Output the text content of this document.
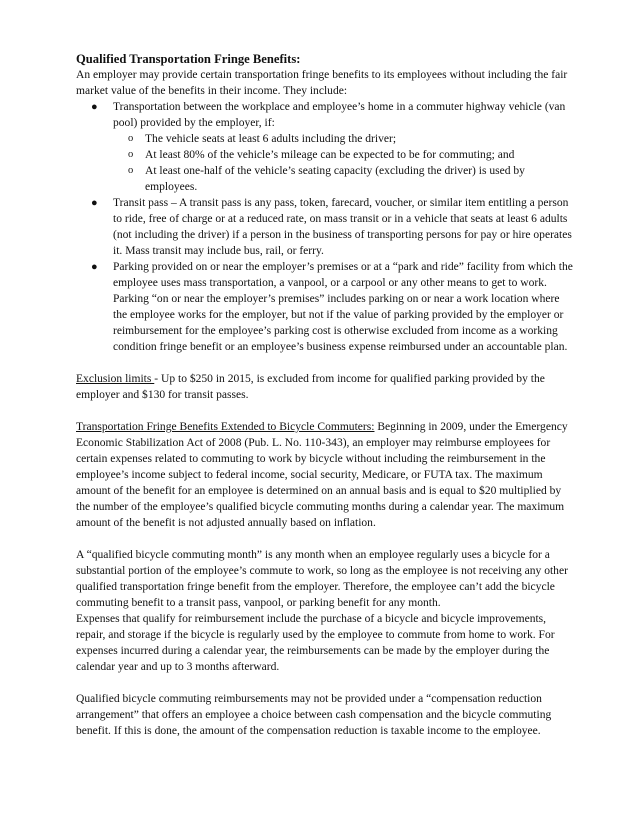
Qualified Transportation Fringe Benefits:

An employer may provide certain transportation fringe benefits to its employees without including the fair market value of the benefits in their income. They include:

● Transportation between the workplace and employee’s home in a commuter highway vehicle (van pool) provided by the employer, if:
o The vehicle seats at least 6 adults including the driver;
o At least 80% of the vehicle’s mileage can be expected to be for commuting; and
o At least one-half of the vehicle’s seating capacity (excluding the driver) is used by employees.
● Transit pass – A transit pass is any pass, token, farecard, voucher, or similar item entitling a person to ride, free of charge or at a reduced rate, on mass transit or in a vehicle that seats at least 6 adults (not including the driver) if a person in the business of transporting persons for pay or hire operates it. Mass transit may include bus, rail, or ferry.
● Parking provided on or near the employer’s premises or at a “park and ride” facility from which the employee uses mass transportation, a vanpool, or a carpool or any other means to get to work. Parking “on or near the employer’s premises” includes parking on or near a work location where the employee works for the employer, but not if the value of parking provided by the employer or reimbursement for the employee’s parking cost is otherwise excluded from income as a working condition fringe benefit or an employee’s business expense reimbursed under an accountable plan.

Exclusion limits - Up to $250 in 2015, is excluded from income for qualified parking provided by the employer and $130 for transit passes.

Transportation Fringe Benefits Extended to Bicycle Commuters: Beginning in 2009, under the Emergency Economic Stabilization Act of 2008 (Pub. L. No. 110-343), an employer may reimburse employees for certain expenses related to commuting to work by bicycle without including the reimbursement in the employee’s income subject to federal income, social security, Medicare, or FUTA tax. The maximum amount of the benefit for an employee is determined on an annual basis and is equal to $20 multiplied by the number of the employee’s qualified bicycle commuting months during a calendar year. The maximum amount of the benefit is not adjusted annually based on inflation.

A “qualified bicycle commuting month” is any month when an employee regularly uses a bicycle for a substantial portion of the employee’s commute to work, so long as the employee is not receiving any other qualified transportation fringe benefit from the employer. Therefore, the employee can’t add the bicycle commuting benefit to a transit pass, vanpool, or parking benefit for any month.

Expenses that qualify for reimbursement include the purchase of a bicycle and bicycle improvements, repair, and storage if the bicycle is regularly used by the employee to commute from home to work. For expenses incurred during a calendar year, the reimbursements can be made by the employer during the calendar year and up to 3 months afterward.

Qualified bicycle commuting reimbursements may not be provided under a “compensation reduction arrangement” that offers an employee a choice between cash compensation and the bicycle commuting benefit. If this is done, the amount of the compensation reduction is taxable income to the employee.
